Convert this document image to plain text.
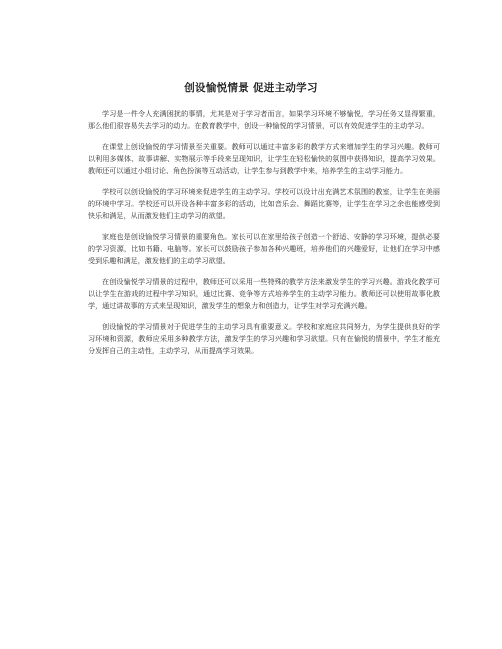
创设愉悦情景 促进主动学习

学习是一件令人充满困扰的事情，尤其是对于学习者而言，如果学习环境不够愉悦，学习任务又显得繁重，那么他们很容易失去学习的动力。在教育教学中，创设一种愉悦的学习情景，可以有效促进学生的主动学习。

在课堂上创设愉悦的学习情景至关重要。教师可以通过丰富多彩的教学方式来增加学生的学习兴趣。教师可以利用多媒体、故事讲解、实物展示等手段来呈现知识，让学生在轻松愉快的氛围中获得知识，提高学习效果。教师还可以通过小组讨论、角色扮演等互动活动，让学生参与到教学中来，培养学生的主动学习能力。

学校可以创设愉悦的学习环境来促进学生的主动学习。学校可以设计出充满艺术氛围的教室，让学生在美丽的环境中学习。学校还可以开设各种丰富多彩的活动，比如音乐会、舞蹈比赛等，让学生在学习之余也能感受到快乐和满足，从而激发他们主动学习的欲望。

家庭也是创设愉悦学习情景的重要角色。家长可以在家里给孩子创造一个舒适、安静的学习环境，提供必要的学习资源，比如书籍、电脑等。家长可以鼓励孩子参加各种兴趣班，培养他们的兴趣爱好，让他们在学习中感受到乐趣和满足，激发他们的主动学习欲望。

在创设愉悦学习情景的过程中，教师还可以采用一些特殊的教学方法来激发学生的学习兴趣。游戏化教学可以让学生在游戏的过程中学习知识，通过比赛、竞争等方式培养学生的主动学习能力。教师还可以使用故事化教学，通过讲故事的方式来呈现知识，激发学生的想象力和创造力，让学生对学习充满兴趣。

创设愉悦的学习情景对于促进学生的主动学习具有重要意义。学校和家庭应共同努力，为学生提供良好的学习环境和资源，教师应采用多种教学方法，激发学生的学习兴趣和学习欲望。只有在愉悦的情景中，学生才能充分发挥自己的主动性，主动学习，从而提高学习效果。
